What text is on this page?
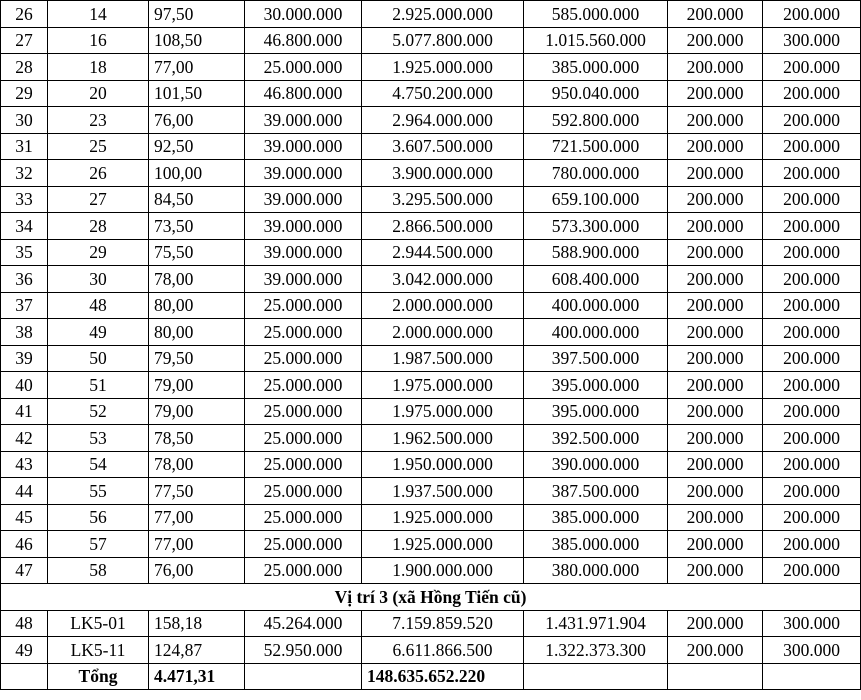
26	14	97,50	30.000.000	2.925.000.000	585.000.000	200.000	200.000
27	16	108,50	46.800.000	5.077.800.000	1.015.560.000	200.000	300.000
28	18	77,00	25.000.000	1.925.000.000	385.000.000	200.000	200.000
29	20	101,50	46.800.000	4.750.200.000	950.040.000	200.000	200.000
30	23	76,00	39.000.000	2.964.000.000	592.800.000	200.000	200.000
31	25	92,50	39.000.000	3.607.500.000	721.500.000	200.000	200.000
32	26	100,00	39.000.000	3.900.000.000	780.000.000	200.000	200.000
33	27	84,50	39.000.000	3.295.500.000	659.100.000	200.000	200.000
34	28	73,50	39.000.000	2.866.500.000	573.300.000	200.000	200.000
35	29	75,50	39.000.000	2.944.500.000	588.900.000	200.000	200.000
36	30	78,00	39.000.000	3.042.000.000	608.400.000	200.000	200.000
37	48	80,00	25.000.000	2.000.000.000	400.000.000	200.000	200.000
38	49	80,00	25.000.000	2.000.000.000	400.000.000	200.000	200.000
39	50	79,50	25.000.000	1.987.500.000	397.500.000	200.000	200.000
40	51	79,00	25.000.000	1.975.000.000	395.000.000	200.000	200.000
41	52	79,00	25.000.000	1.975.000.000	395.000.000	200.000	200.000
42	53	78,50	25.000.000	1.962.500.000	392.500.000	200.000	200.000
43	54	78,00	25.000.000	1.950.000.000	390.000.000	200.000	200.000
44	55	77,50	25.000.000	1.937.500.000	387.500.000	200.000	200.000
45	56	77,00	25.000.000	1.925.000.000	385.000.000	200.000	200.000
46	57	77,00	25.000.000	1.925.000.000	385.000.000	200.000	200.000
47	58	76,00	25.000.000	1.900.000.000	380.000.000	200.000	200.000
Vị trí 3 (xã Hồng Tiến cũ)							
48	LK5-01	158,18	45.264.000	7.159.859.520	1.431.971.904	200.000	300.000
49	LK5-11	124,87	52.950.000	6.611.866.500	1.322.373.300	200.000	300.000
	Tổng	4.471,31		148.635.652.220			
